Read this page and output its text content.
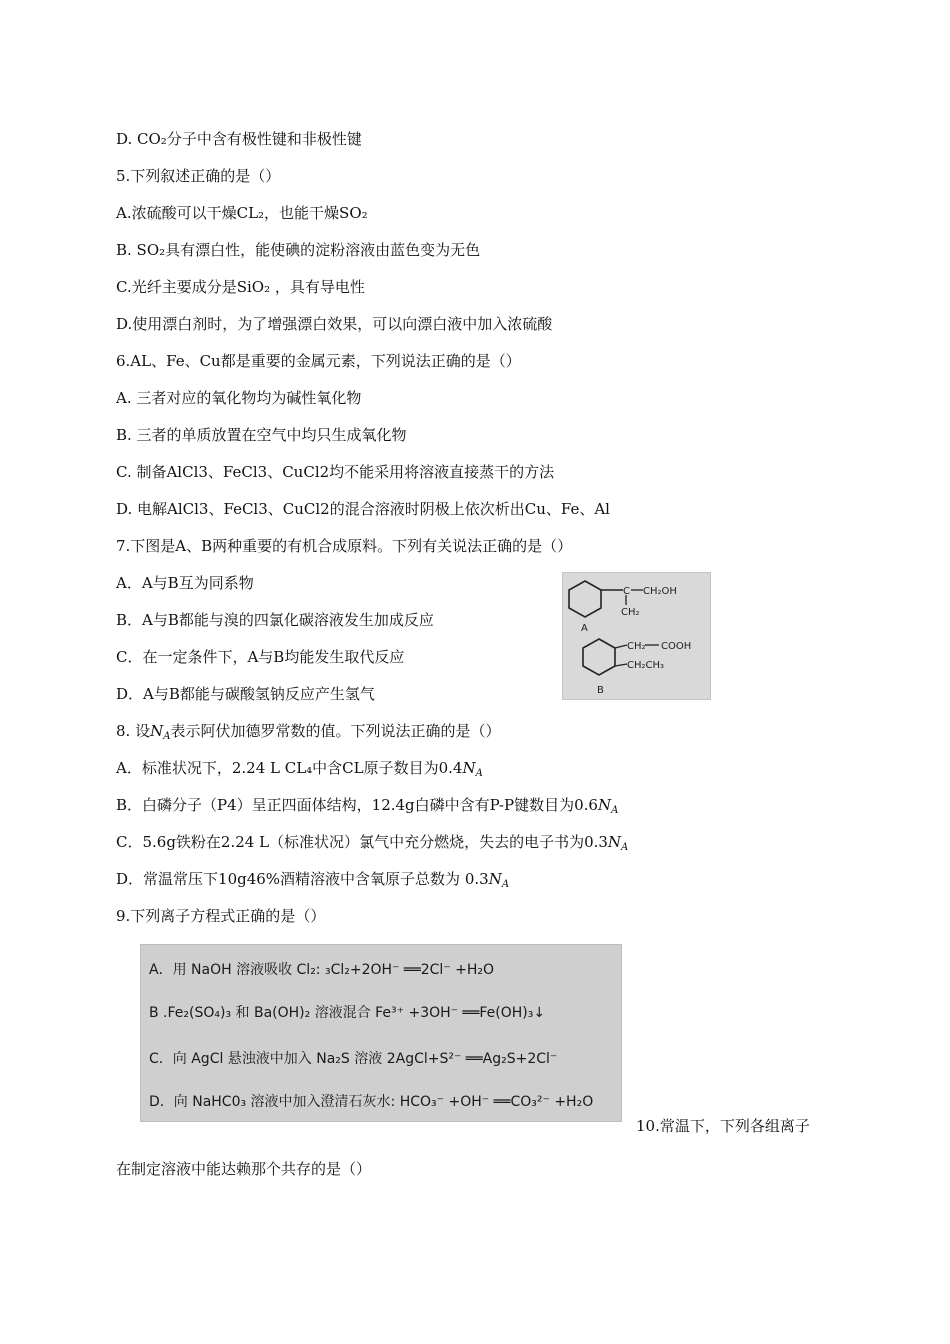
D. CO₂分子中含有极性键和非极性键
5.下列叙述正确的是（）
A.浓硫酸可以干燥CL₂，也能干燥SO₂
B. SO₂具有漂白性，能使碘的淀粉溶液由蓝色变为无色
C.光纤主要成分是SiO₂ ，具有导电性
D.使用漂白剂时，为了增强漂白效果，可以向漂白液中加入浓硫酸
6.AL、Fe、Cu都是重要的金属元素，下列说法正确的是（）
A. 三者对应的氧化物均为碱性氧化物
B. 三者的单质放置在空气中均只生成氧化物
C. 制备AlCl3、FeCl3、CuCl2均不能采用将溶液直接蒸干的方法
D. 电解AlCl3、FeCl3、CuCl2的混合溶液时阴极上依次析出Cu、Fe、Al
7.下图是A、B两种重要的有机合成原料。下列有关说法正确的是（）
A．A与B互为同系物
B．A与B都能与溴的四氯化碳溶液发生加成反应
C．在一定条件下，A与B均能发生取代反应
D．A与B都能与碳酸氢钠反应产生氢气
C CH₂OH
CH₂
A
CH₂ COOH
CH₂CH₃
B
8. 设$N_A$表示阿伏加德罗常数的值。下列说法正确的是（）
A．标准状况下，2.24 L CL₄中含CL原子数目为$0.4N_A$
B．白磷分子（P4）呈正四面体结构，12.4g白磷中含有P-P键数目为$0.6N_A$
C．5.6g铁粉在2.24 L（标准状况）氯气中充分燃烧，失去的电子书为$0.3N_A$
D．常温常压下10g46%酒精溶液中含氧原子总数为 $0.3N_A$
9.下列离子方程式正确的是（）
A．用 NaOH 溶液吸收 Cl₂: ₃Cl₂+2OH⁻ ══2Cl⁻ +H₂O
B .Fe₂(SO₄)₃ 和 Ba(OH)₂ 溶液混合 Fe³⁺ +3OH⁻ ══Fe(OH)₃↓
C．向 AgCl 悬浊液中加入 Na₂S 溶液 2AgCl+S²⁻ ══Ag₂S+2Cl⁻
D．向 NaHC0₃ 溶液中加入澄清石灰水: HCO₃⁻ +OH⁻ ══CO₃²⁻ +H₂O
10.常温下，下列各组离子
在制定溶液中能达赖那个共存的是（）
